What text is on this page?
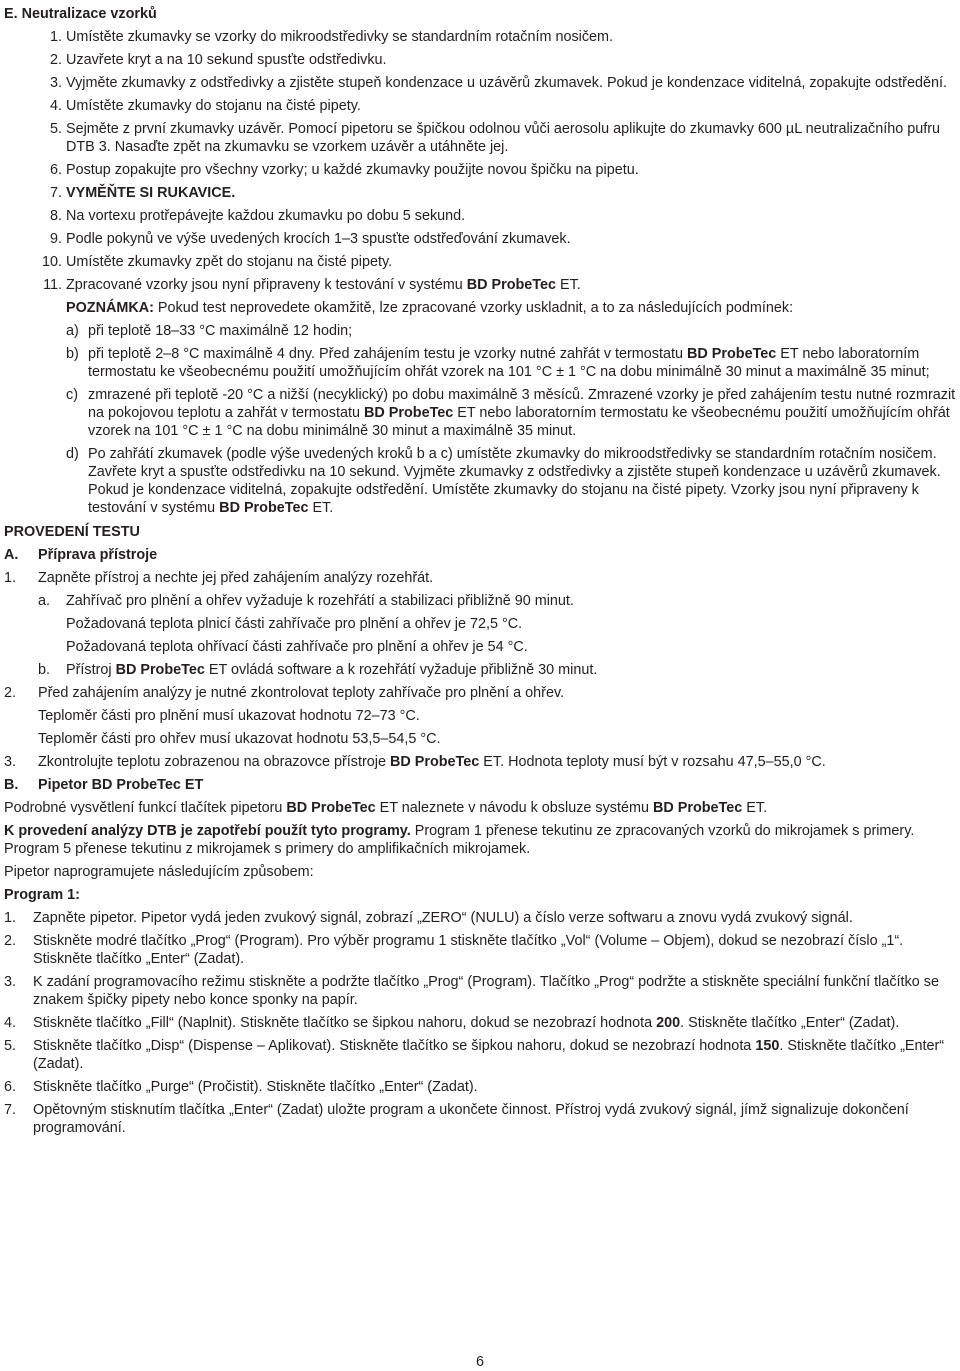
E. Neutralizace vzorků
1. Umístěte zkumavky se vzorky do mikroodstředivky se standardním rotačním nosičem.
2. Uzavřete kryt a na 10 sekund spusťte odstředivku.
3. Vyjměte zkumavky z odstředivky a zjistěte stupeň kondenzace u uzávěrů zkumavek. Pokud je kondenzace viditelná, zopakujte odstředění.
4. Umístěte zkumavky do stojanu na čisté pipety.
5. Sejměte z první zkumavky uzávěr. Pomocí pipetoru se špičkou odolnou vůči aerosolu aplikujte do zkumavky 600 µL neutralizačního pufru DTB 3. Nasaďte zpět na zkumavku se vzorkem uzávěr a utáhněte jej.
6. Postup zopakujte pro všechny vzorky; u každé zkumavky použijte novou špičku na pipetu.
7. VYMĚŇTE SI RUKAVICE.
8. Na vortexu protřepávejte každou zkumavku po dobu 5 sekund.
9. Podle pokynů ve výše uvedených krocích 1–3 spusťte odstřeďování zkumavek.
10. Umístěte zkumavky zpět do stojanu na čisté pipety.
11. Zpracované vzorky jsou nyní připraveny k testování v systému BD ProbeTec ET.

POZNÁMKA: Pokud test neprovedete okamžitě, lze zpracované vzorky uskladnit, a to za následujících podmínek:

a) při teplotě 18–33 °C maximálně 12 hodin;
b) při teplotě 2–8 °C maximálně 4 dny. Před zahájením testu je vzorky nutné zahřát v termostatu BD ProbeTec ET nebo laboratorním termostatu ke všeobecnému použití umožňujícím ohřát vzorek na 101 °C ± 1 °C na dobu minimálně 30 minut a maximálně 35 minut;
c) zmrazené při teplotě -20 °C a nižší (necyklický) po dobu maximálně 3 měsíců. Zmrazené vzorky je před zahájením testu nutné rozmrazit na pokojovou teplotu a zahřát v termostatu BD ProbeTec ET nebo laboratorním termostatu ke všeobecnému použití umožňujícím ohřát vzorek na 101 °C ± 1 °C na dobu minimálně 30 minut a maximálně 35 minut.
d) Po zahřátí zkumavek (podle výše uvedených kroků b a c) umístěte zkumavky do mikroodstředivky se standardním rotačním nosičem. Zavřete kryt a spusťte odstředivku na 10 sekund. Vyjměte zkumavky z odstředivky a zjistěte stupeň kondenzace u uzávěrů zkumavek. Pokud je kondenzace viditelná, zopakujte odstředění. Umístěte zkumavky do stojanu na čisté pipety. Vzorky jsou nyní připraveny k testování v systému BD ProbeTec ET.
PROVEDENÍ TESTU
A. Příprava přístroje
1. Zapněte přístroj a nechte jej před zahájením analýzy rozehřát.
a. Zahřívač pro plnění a ohřev vyžaduje k rozehřátí a stabilizaci přibližně 90 minut.

Požadovaná teplota plnicí části zahřívače pro plnění a ohřev je 72,5 °C.

Požadovaná teplota ohřívací části zahřívače pro plnění a ohřev je 54 °C.

b. Přístroj BD ProbeTec ET ovládá software a k rozehřátí vyžaduje přibližně 30 minut.
2. Před zahájením analýzy je nutné zkontrolovat teploty zahřívače pro plnění a ohřev.

Teploměr části pro plnění musí ukazovat hodnotu 72–73 °C.

Teploměr části pro ohřev musí ukazovat hodnotu 53,5–54,5 °C.

3. Zkontrolujte teplotu zobrazenou na obrazovce přístroje BD ProbeTec ET. Hodnota teploty musí být v rozsahu 47,5–55,0 °C.
B. Pipetor BD ProbeTec ET

Podrobné vysvětlení funkcí tlačítek pipetoru BD ProbeTec ET naleznete v návodu k obsluze systému BD ProbeTec ET.

K provedení analýzy DTB je zapotřebí použít tyto programy. Program 1 přenese tekutinu ze zpracovaných vzorků do mikrojamek s primery. Program 5 přenese tekutinu z mikrojamek s primery do amplifikačních mikrojamek.

Pipetor naprogramujete následujícím způsobem:

Program 1:
1. Zapněte pipetor. Pipetor vydá jeden zvukový signál, zobrazí „ZERO“ (NULU) a číslo verze softwaru a znovu vydá zvukový signál.
2. Stiskněte modré tlačítko „Prog“ (Program). Pro výběr programu 1 stiskněte tlačítko „Vol“ (Volume – Objem), dokud se nezobrazí číslo „1“. Stiskněte tlačítko „Enter“ (Zadat).
3. K zadání programovacího režimu stiskněte a podržte tlačítko „Prog“ (Program). Tlačítko „Prog“ podržte a stiskněte speciální funkční tlačítko se znakem špičky pipety nebo konce sponky na papír.
4. Stiskněte tlačítko „Fill“ (Naplnit). Stiskněte tlačítko se šipkou nahoru, dokud se nezobrazí hodnota 200. Stiskněte tlačítko „Enter“ (Zadat).
5. Stiskněte tlačítko „Disp“ (Dispense – Aplikovat). Stiskněte tlačítko se šipkou nahoru, dokud se nezobrazí hodnota 150. Stiskněte tlačítko „Enter“ (Zadat).
6. Stiskněte tlačítko „Purge“ (Pročistit). Stiskněte tlačítko „Enter“ (Zadat).
7. Opětovným stisknutím tlačítka „Enter“ (Zadat) uložte program a ukončete činnost. Přístroj vydá zvukový signál, jímž signalizuje dokončení programování.
6
